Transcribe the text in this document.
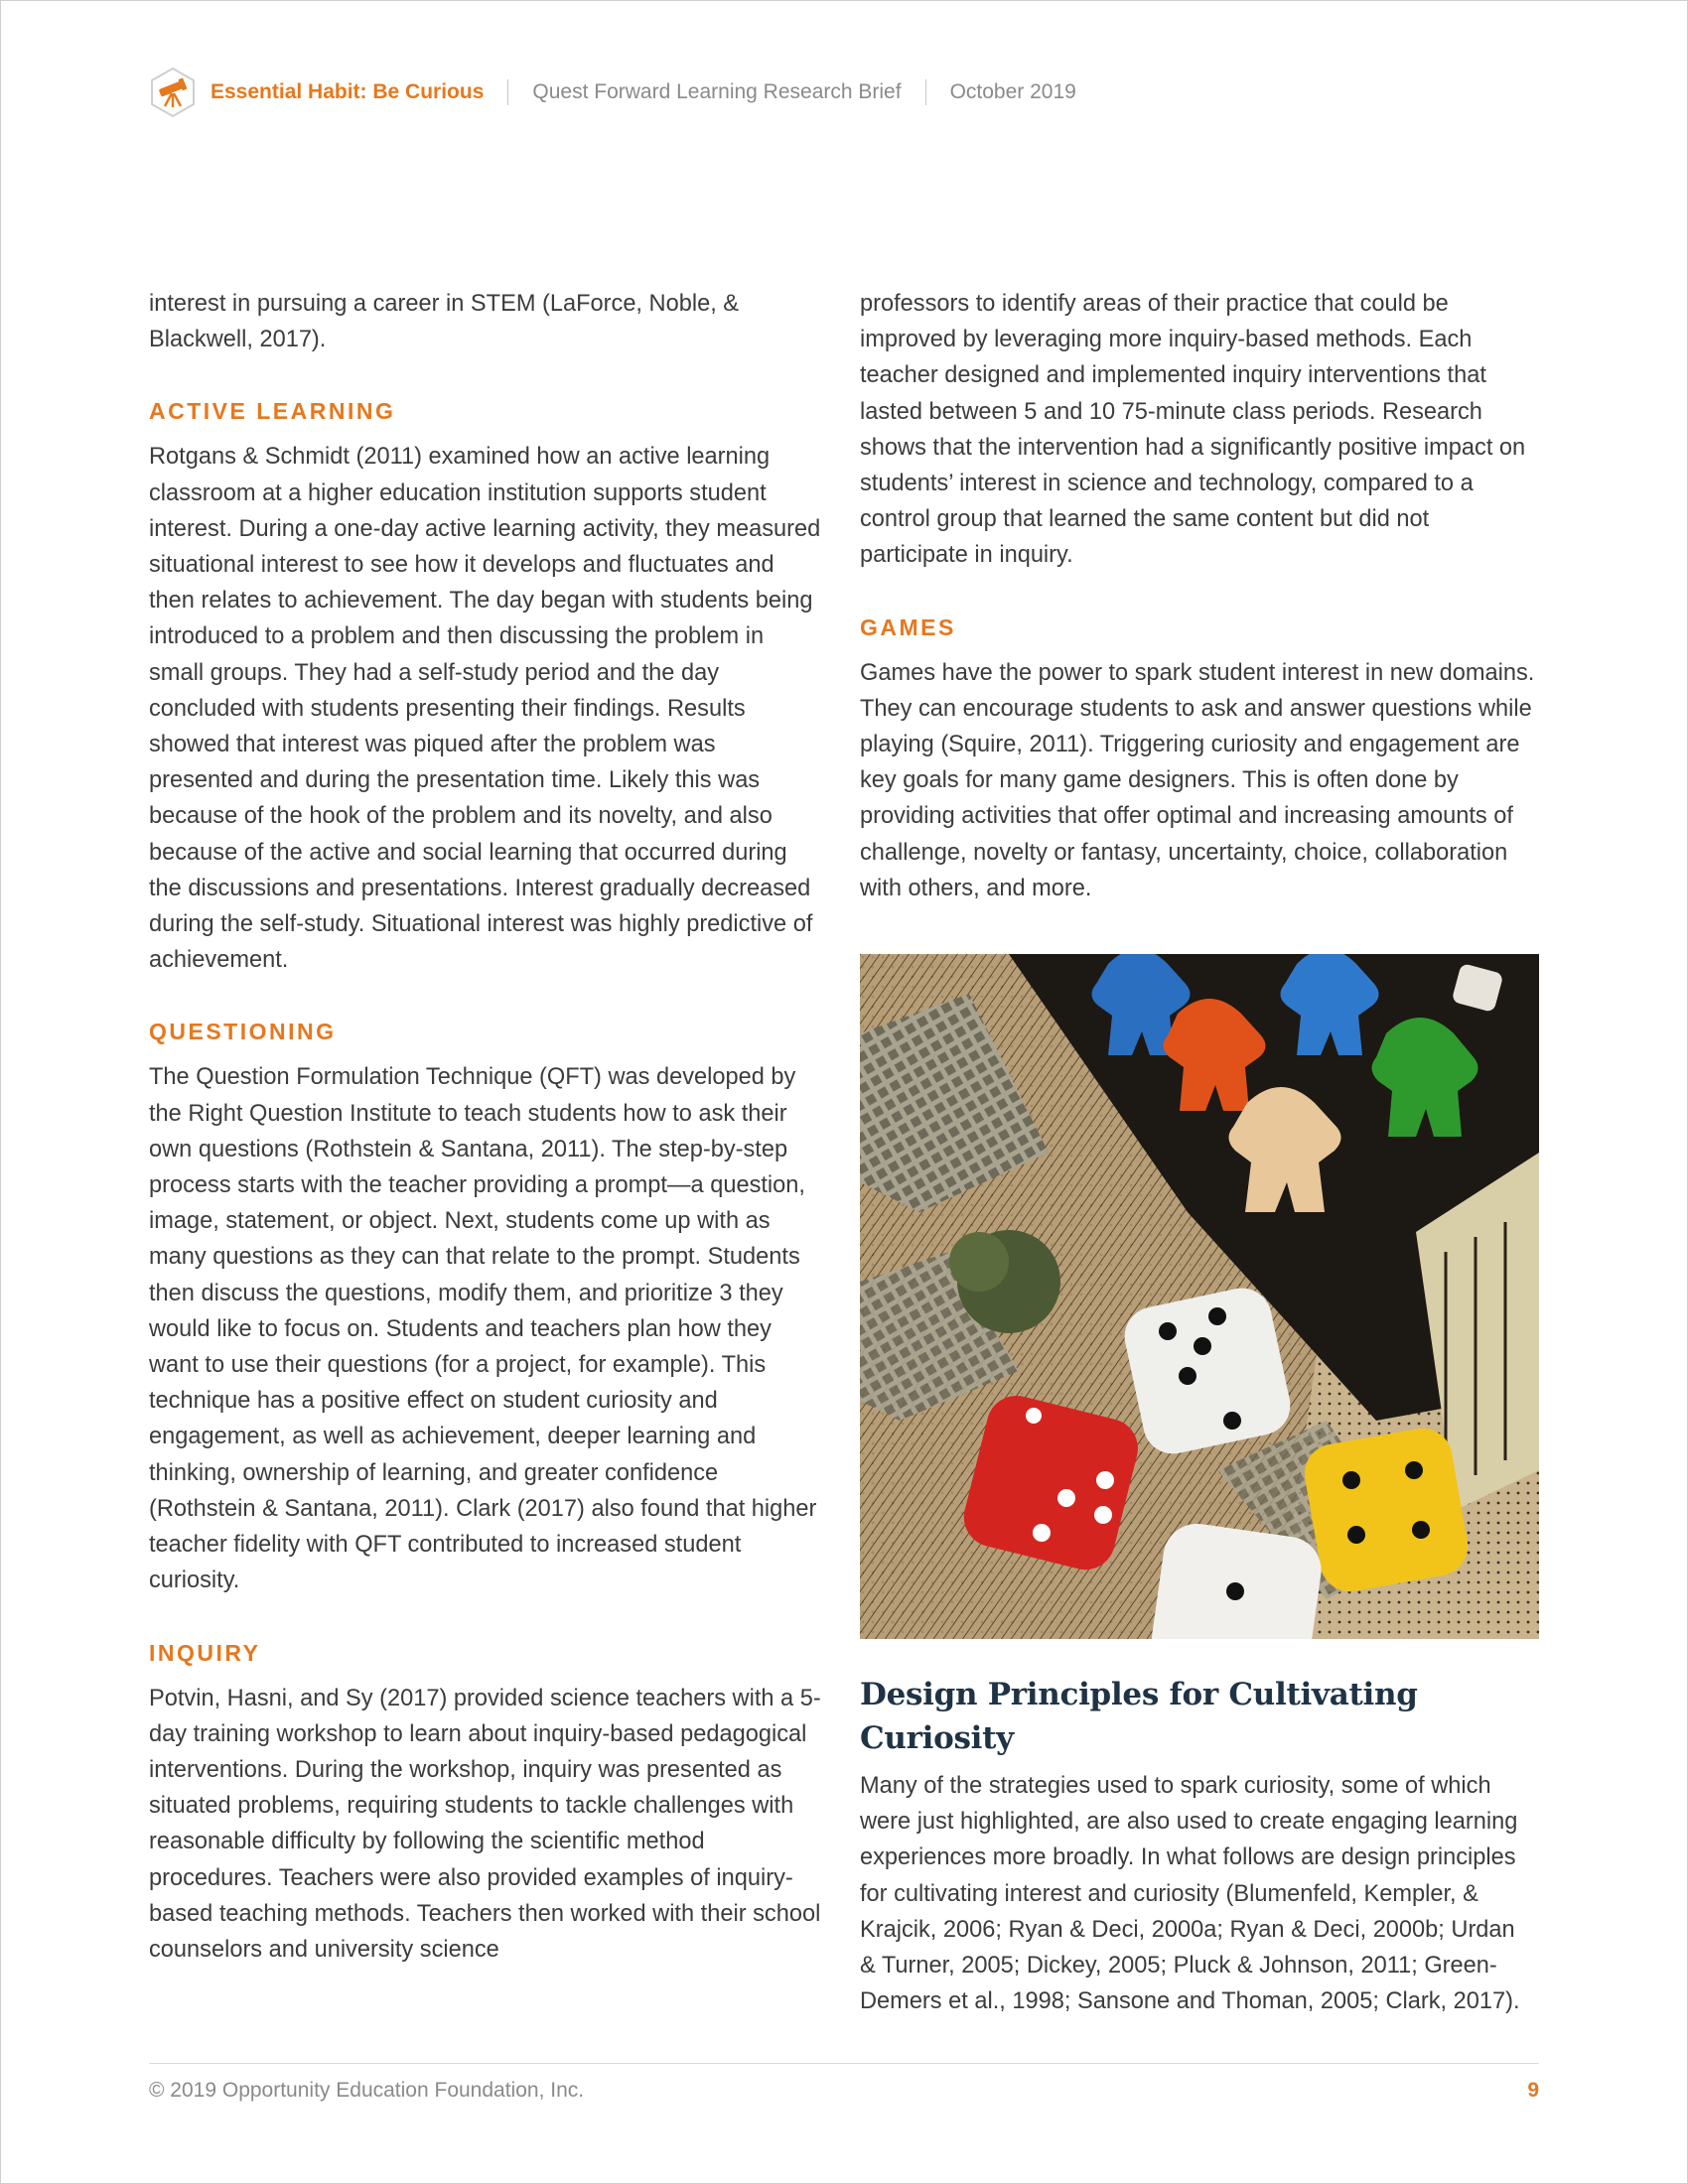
Essential Habit: Be Curious Quest Forward Learning Research Brief October 2019

interest in pursuing a career in STEM (LaForce, Noble, & Blackwell, 2017).

ACTIVE LEARNING

Rotgans & Schmidt (2011) examined how an active learning classroom at a higher education institution supports student interest. During a one-day active learning activity, they measured situational interest to see how it develops and fluctuates and then relates to achievement. The day began with students being introduced to a problem and then discussing the problem in small groups. They had a self-study period and the day concluded with students presenting their findings. Results showed that interest was piqued after the problem was presented and during the presentation time. Likely this was because of the hook of the problem and its novelty, and also because of the active and social learning that occurred during the discussions and presentations. Interest gradually decreased during the self-study. Situational interest was highly predictive of achievement.

QUESTIONING

The Question Formulation Technique (QFT) was developed by the Right Question Institute to teach students how to ask their own questions (Rothstein & Santana, 2011). The step-by-step process starts with the teacher providing a prompt—a question, image, statement, or object. Next, students come up with as many questions as they can that relate to the prompt. Students then discuss the questions, modify them, and prioritize 3 they would like to focus on. Students and teachers plan how they want to use their questions (for a project, for example). This technique has a positive effect on student curiosity and engagement, as well as achievement, deeper learning and thinking, ownership of learning, and greater confidence (Rothstein & Santana, 2011). Clark (2017) also found that higher teacher fidelity with QFT contributed to increased student curiosity.

INQUIRY

Potvin, Hasni, and Sy (2017) provided science teachers with a 5-day training workshop to learn about inquiry-based pedagogical interventions. During the workshop, inquiry was presented as situated problems, requiring students to tackle challenges with reasonable difficulty by following the scientific method procedures. Teachers were also provided examples of inquiry-based teaching methods. Teachers then worked with their school counselors and university science

professors to identify areas of their practice that could be improved by leveraging more inquiry-based methods. Each teacher designed and implemented inquiry interventions that lasted between 5 and 10 75-minute class periods. Research shows that the intervention had a significantly positive impact on students’ interest in science and technology, compared to a control group that learned the same content but did not participate in inquiry.

GAMES

Games have the power to spark student interest in new domains. They can encourage students to ask and answer questions while playing (Squire, 2011). Triggering curiosity and engagement are key goals for many game designers. This is often done by providing activities that offer optimal and increasing amounts of challenge, novelty or fantasy, uncertainty, choice, collaboration with others, and more.

Design Principles for Cultivating Curiosity

Many of the strategies used to spark curiosity, some of which were just highlighted, are also used to create engaging learning experiences more broadly. In what follows are design principles for cultivating interest and curiosity (Blumenfeld, Kempler, & Krajcik, 2006; Ryan & Deci, 2000a; Ryan & Deci, 2000b; Urdan & Turner, 2005; Dickey, 2005; Pluck & Johnson, 2011; Green-Demers et al., 1998; Sansone and Thoman, 2005; Clark, 2017).

© 2019 Opportunity Education Foundation, Inc.	9
